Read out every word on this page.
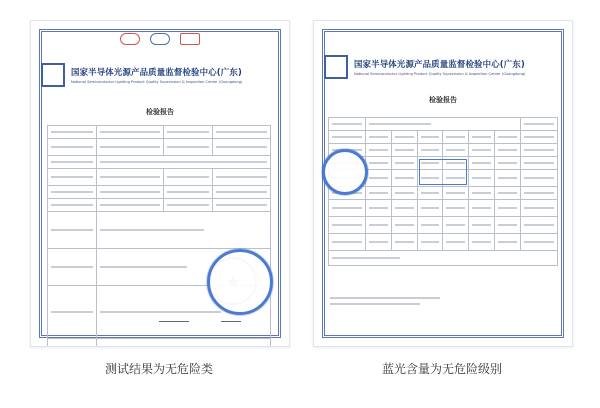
国家半导体光源产品质量监督检验中心(广东)
National Semiconductor Lighting Product Quality Supervision & Inspection Center (Guangdong)
检验报告

★
国家半导体光源产品质量监督检验中心(广东)
National Semiconductor Lighting Product Quality Supervision & Inspection Center (Guangdong)
检验报告

测试结果为无危险类	蓝光含量为无危险级别
